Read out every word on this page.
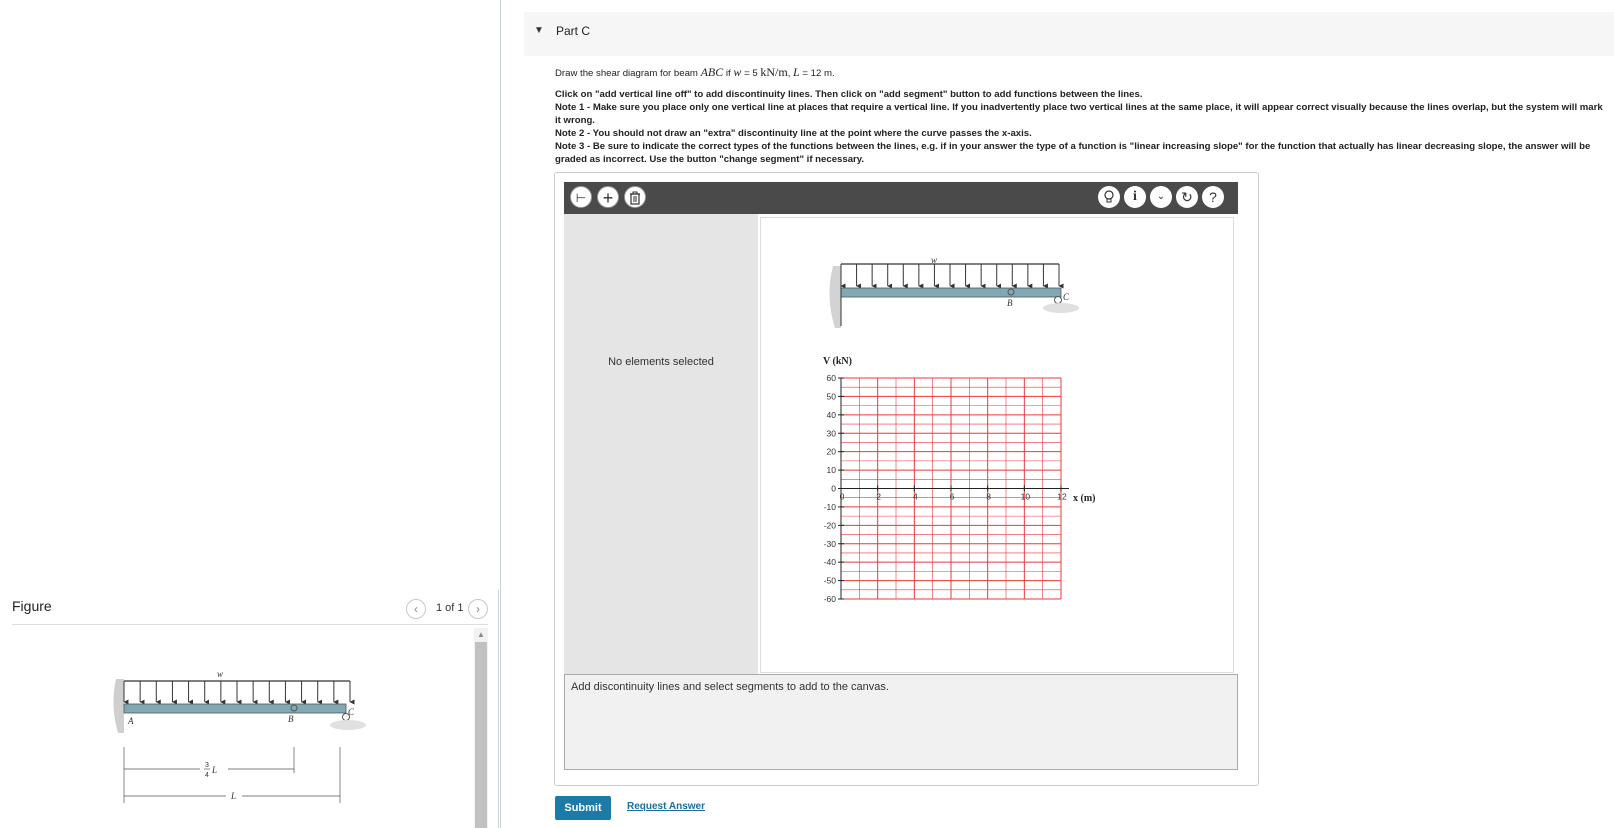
Figure	‹	1 of 1	›
▲
w
A	B
C
3
4
L
L
▼ Part C
Draw the shear diagram for beam ABC if w = 5 kN/m, L = 12 m.
Click on "add vertical line off" to add discontinuity lines. Then click on "add segment" button to add functions between the lines.
Note 1 - Make sure you place only one vertical line at places that require a vertical line. If you inadvertently place two vertical lines at the same place, it will appear correct visually because the lines overlap, but the system will mark it wrong.
Note 2 - You should not draw an "extra" discontinuity line at the point where the curve passes the x-axis.
Note 3 - Be sure to indicate the correct types of the functions between the lines, e.g. if in your answer the type of a function is "linear increasing slope" for the function that actually has linear decreasing slope, the answer will be graded as incorrect. Use the button "change segment" if necessary.
⊢ +	i	⌄	↻	?
No elements selected
w
B
C
V (kN)
x (m)
60
50
40
30
20
10
0
-10
-20
-30
-40
-50
-60
0	2	4	6	8	10	12
Add discontinuity lines and select segments to add to the canvas.
Submit	Request Answer
